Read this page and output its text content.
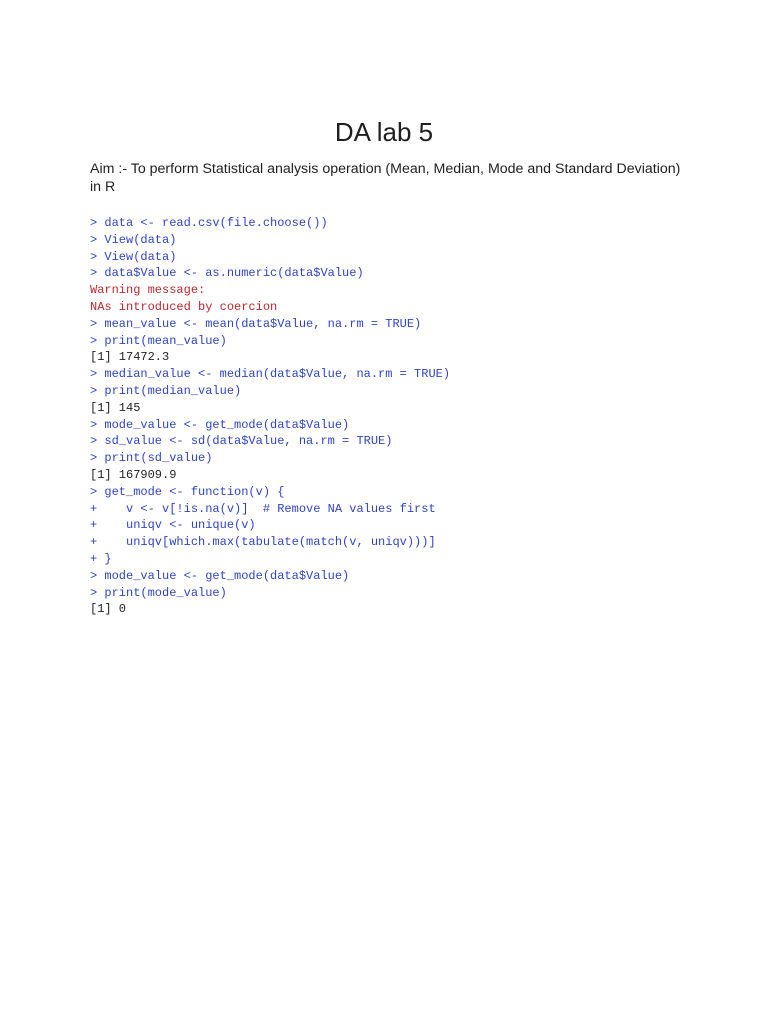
DA lab 5

Aim :- To perform Statistical analysis operation (Mean, Median, Mode and Standard Deviation) in R

> data <- read.csv(file.choose())
> View(data)
> View(data)
> data$Value <- as.numeric(data$Value)
Warning message:
NAs introduced by coercion
> mean_value <- mean(data$Value, na.rm = TRUE)
> print(mean_value)
[1] 17472.3
> median_value <- median(data$Value, na.rm = TRUE)
> print(median_value)
[1] 145
> mode_value <- get_mode(data$Value)
> sd_value <- sd(data$Value, na.rm = TRUE)
> print(sd_value)
[1] 167909.9
> get_mode <- function(v) {
+    v <- v[!is.na(v)]  # Remove NA values first
+    uniqv <- unique(v)
+    uniqv[which.max(tabulate(match(v, uniqv)))]
+ }
> mode_value <- get_mode(data$Value)
> print(mode_value)
[1] 0
